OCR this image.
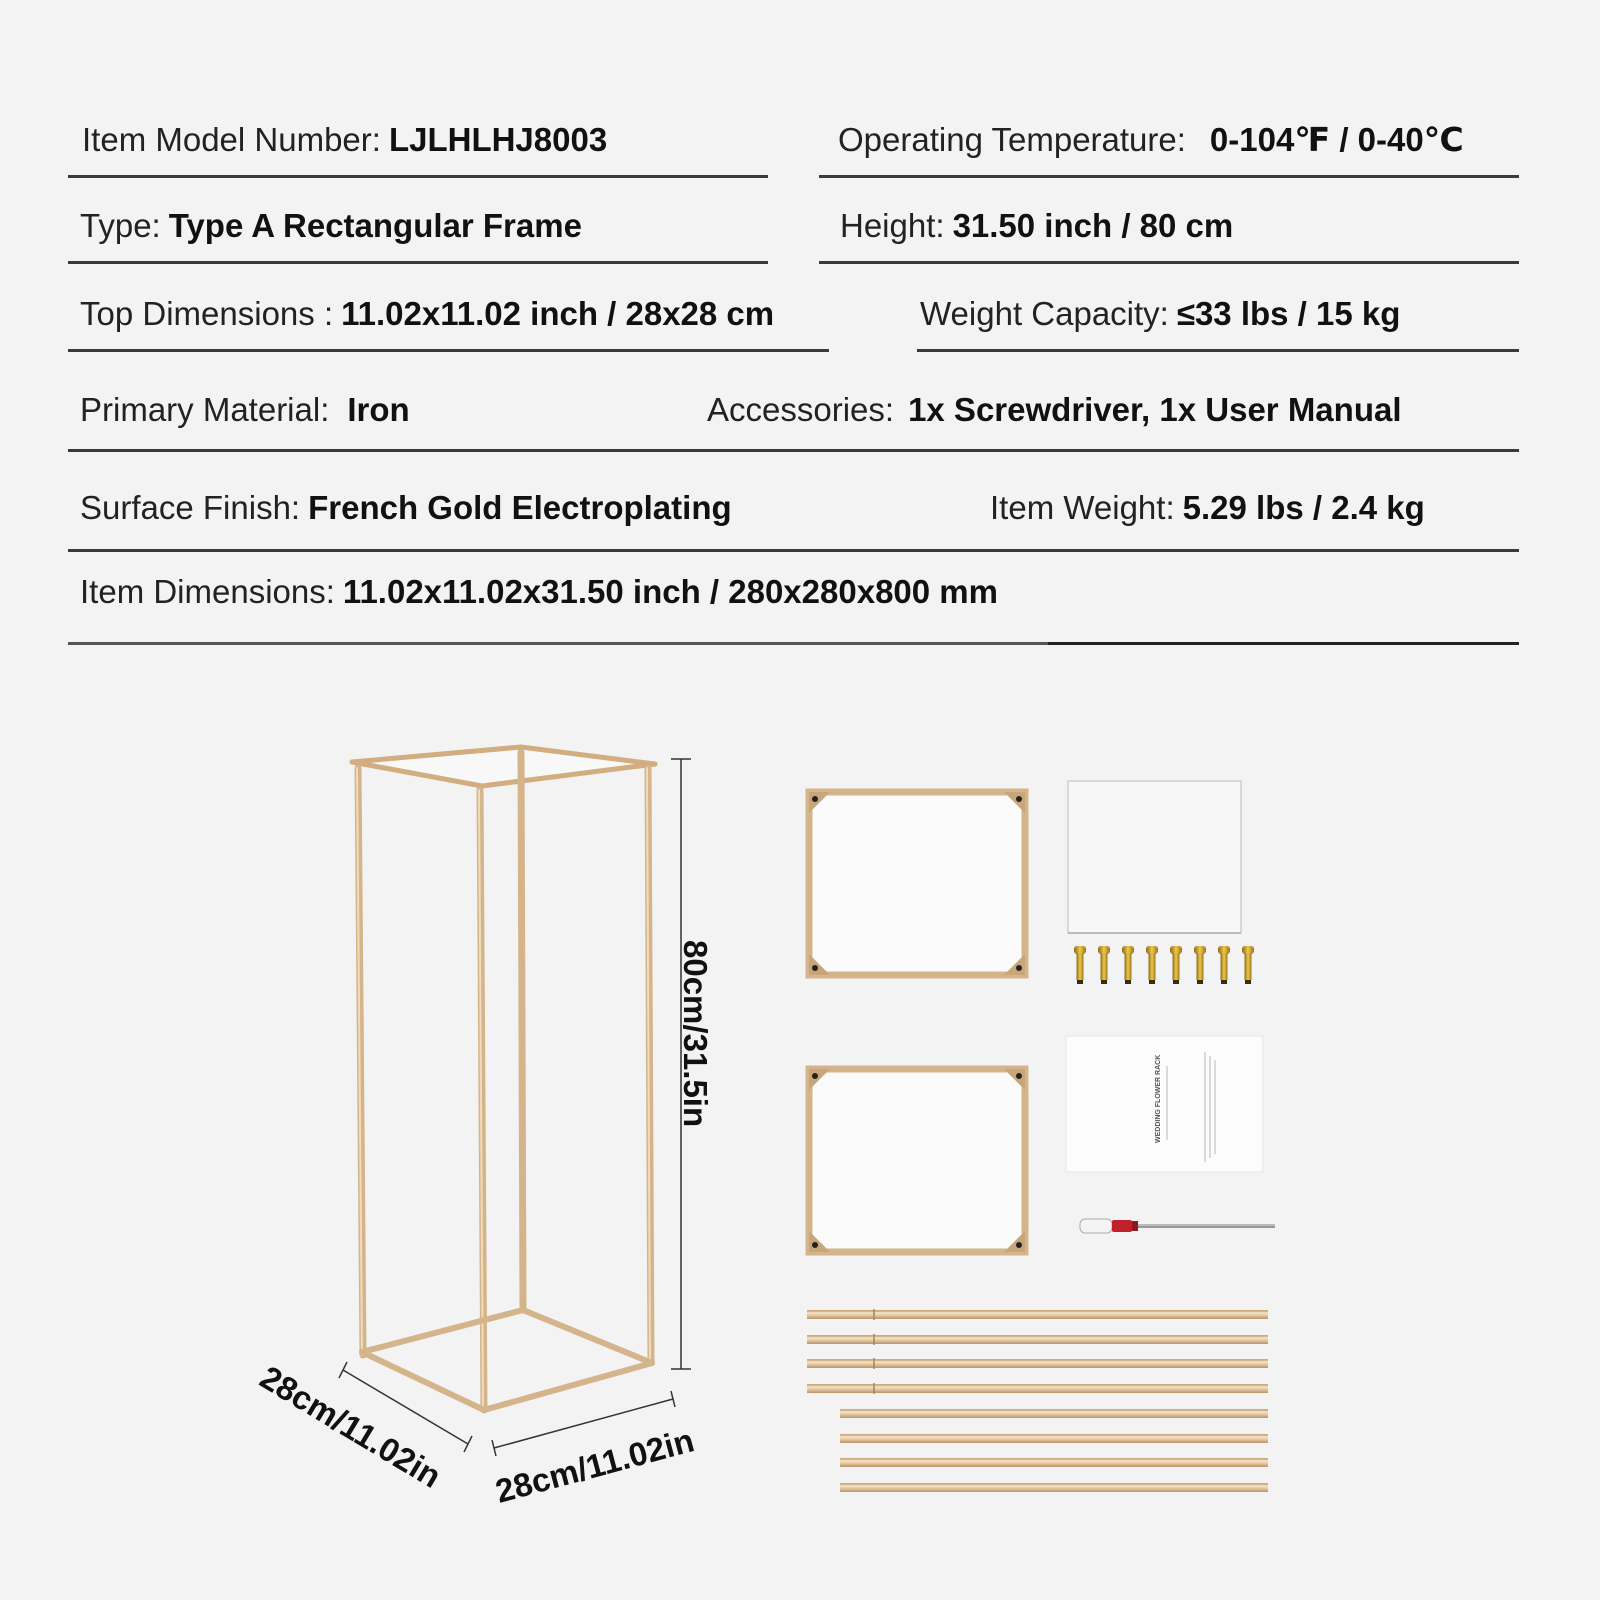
Item Model Number: LJLHLHJ8003	Operating Temperature: 0-104℉ / 0-40℃
Type: Type A Rectangular Frame	Height: 31.50 inch / 80 cm
Top Dimensions : 11.02x11.02 inch / 28x28 cm	Weight Capacity: ≤33 lbs / 15 kg
Primary Material: Iron	Accessories: 1x Screwdriver, 1x User Manual
Surface Finish: French Gold Electroplating	Item Weight: 5.29 lbs / 2.4 kg
Item Dimensions: 11.02x11.02x31.50 inch / 280x280x800 mm
WEDDING FLOWER RACK
80cm/31.5in
28cm/11.02in 28cm/11.02in
